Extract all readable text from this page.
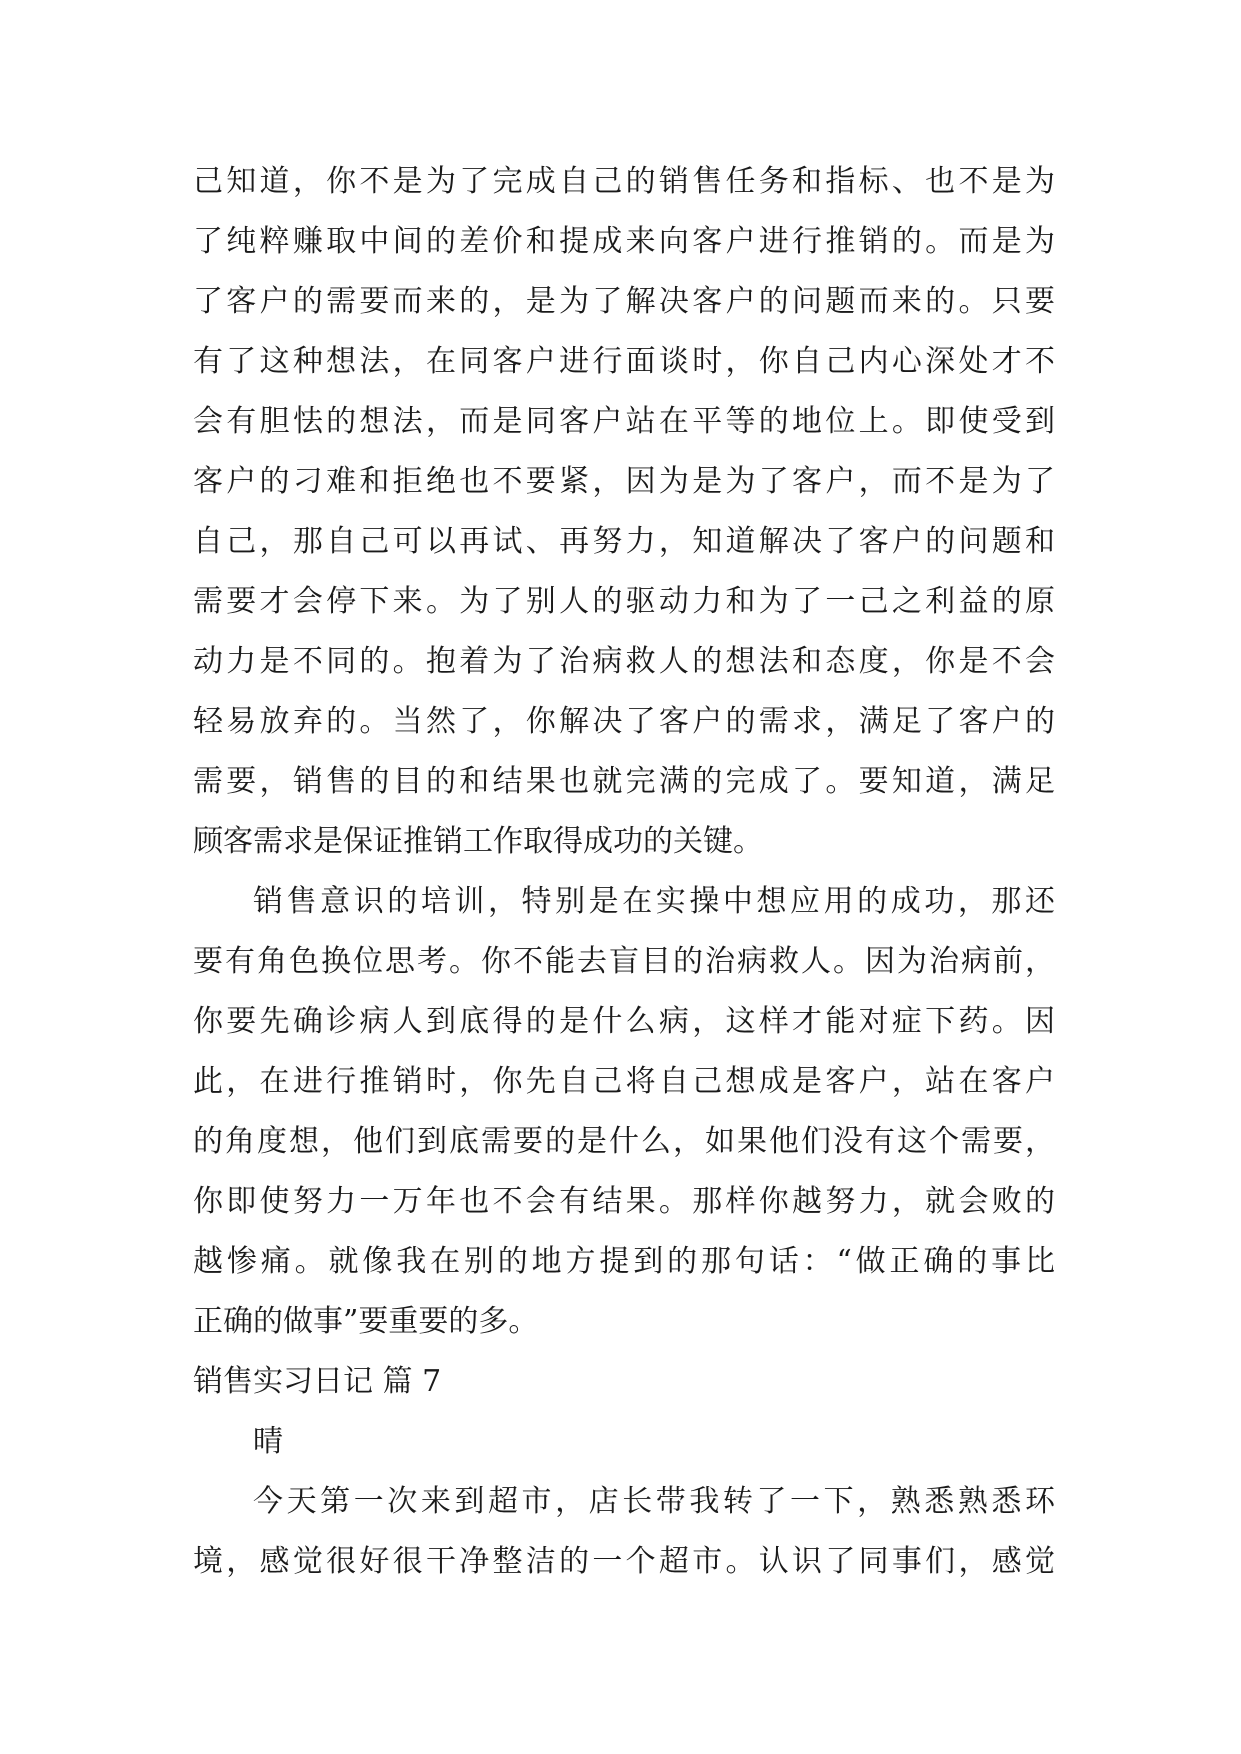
己知道，你不是为了完成自己的销售任务和指标、也不是为
了纯粹赚取中间的差价和提成来向客户进行推销的。而是为
了客户的需要而来的，是为了解决客户的问题而来的。只要
有了这种想法，在同客户进行面谈时，你自己内心深处才不
会有胆怯的想法，而是同客户站在平等的地位上。即使受到
客户的刁难和拒绝也不要紧，因为是为了客户，而不是为了
自己，那自己可以再试、再努力，知道解决了客户的问题和
需要才会停下来。为了别人的驱动力和为了一己之利益的原
动力是不同的。抱着为了治病救人的想法和态度，你是不会
轻易放弃的。当然了，你解决了客户的需求，满足了客户的
需要，销售的目的和结果也就完满的完成了。要知道，满足
顾客需求是保证推销工作取得成功的关键。
销售意识的培训，特别是在实操中想应用的成功，那还
要有角色换位思考。你不能去盲目的治病救人。因为治病前，
你要先确诊病人到底得的是什么病，这样才能对症下药。因
此，在进行推销时，你先自己将自己想成是客户，站在客户
的角度想，他们到底需要的是什么，如果他们没有这个需要，
你即使努力一万年也不会有结果。那样你越努力，就会败的
越惨痛。就像我在别的地方提到的那句话：“做正确的事比
正确的做事”要重要的多。
销售实习日记 篇 7
晴
今天第一次来到超市，店长带我转了一下，熟悉熟悉环
境，感觉很好很干净整洁的一个超市。认识了同事们，感觉
